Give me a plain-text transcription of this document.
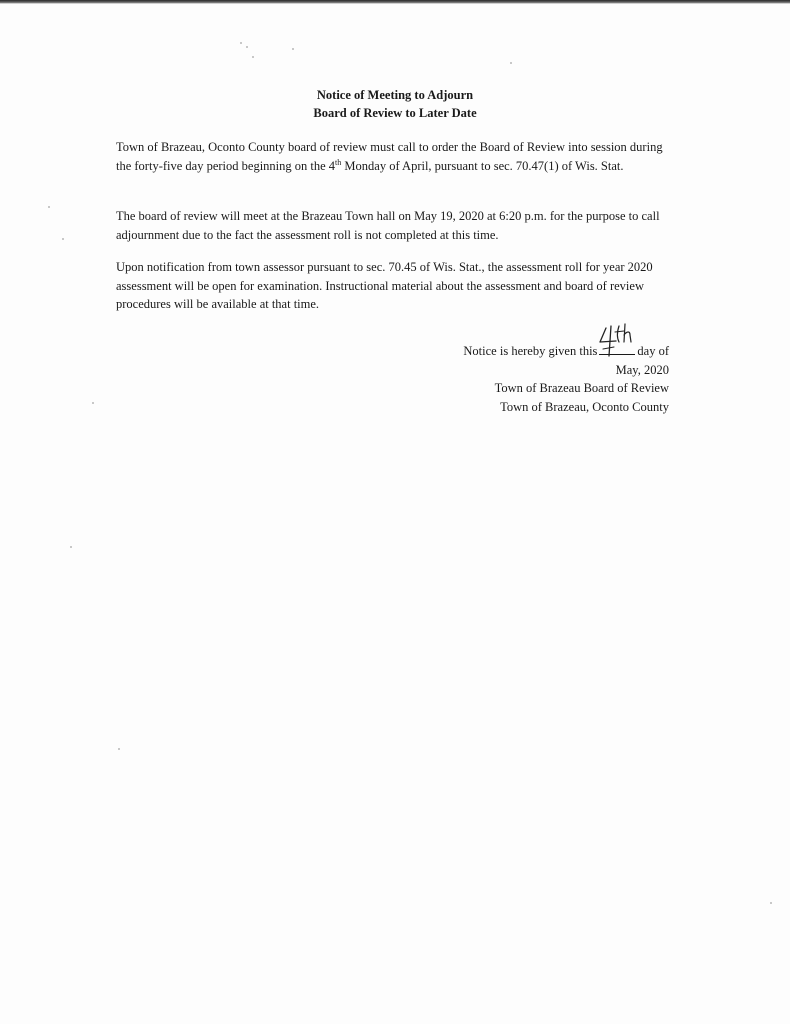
Notice of Meeting to Adjourn
Board of Review to Later Date

Town of Brazeau, Oconto County board of review must call to order the Board of Review into session during the forty-five day period beginning on the 4th Monday of April, pursuant to sec. 70.47(1) of Wis. Stat.

The board of review will meet at the Brazeau Town hall on May 19, 2020 at 6:20 p.m. for the purpose to call adjournment due to the fact the assessment roll is not completed at this time.

Upon notification from town assessor pursuant to sec. 70.45 of Wis. Stat., the assessment roll for year 2020 assessment will be open for examination. Instructional material about the assessment and board of review procedures will be available at that time.

Notice is hereby given this	day of
May, 2020
Town of Brazeau Board of Review
Town of Brazeau, Oconto County
